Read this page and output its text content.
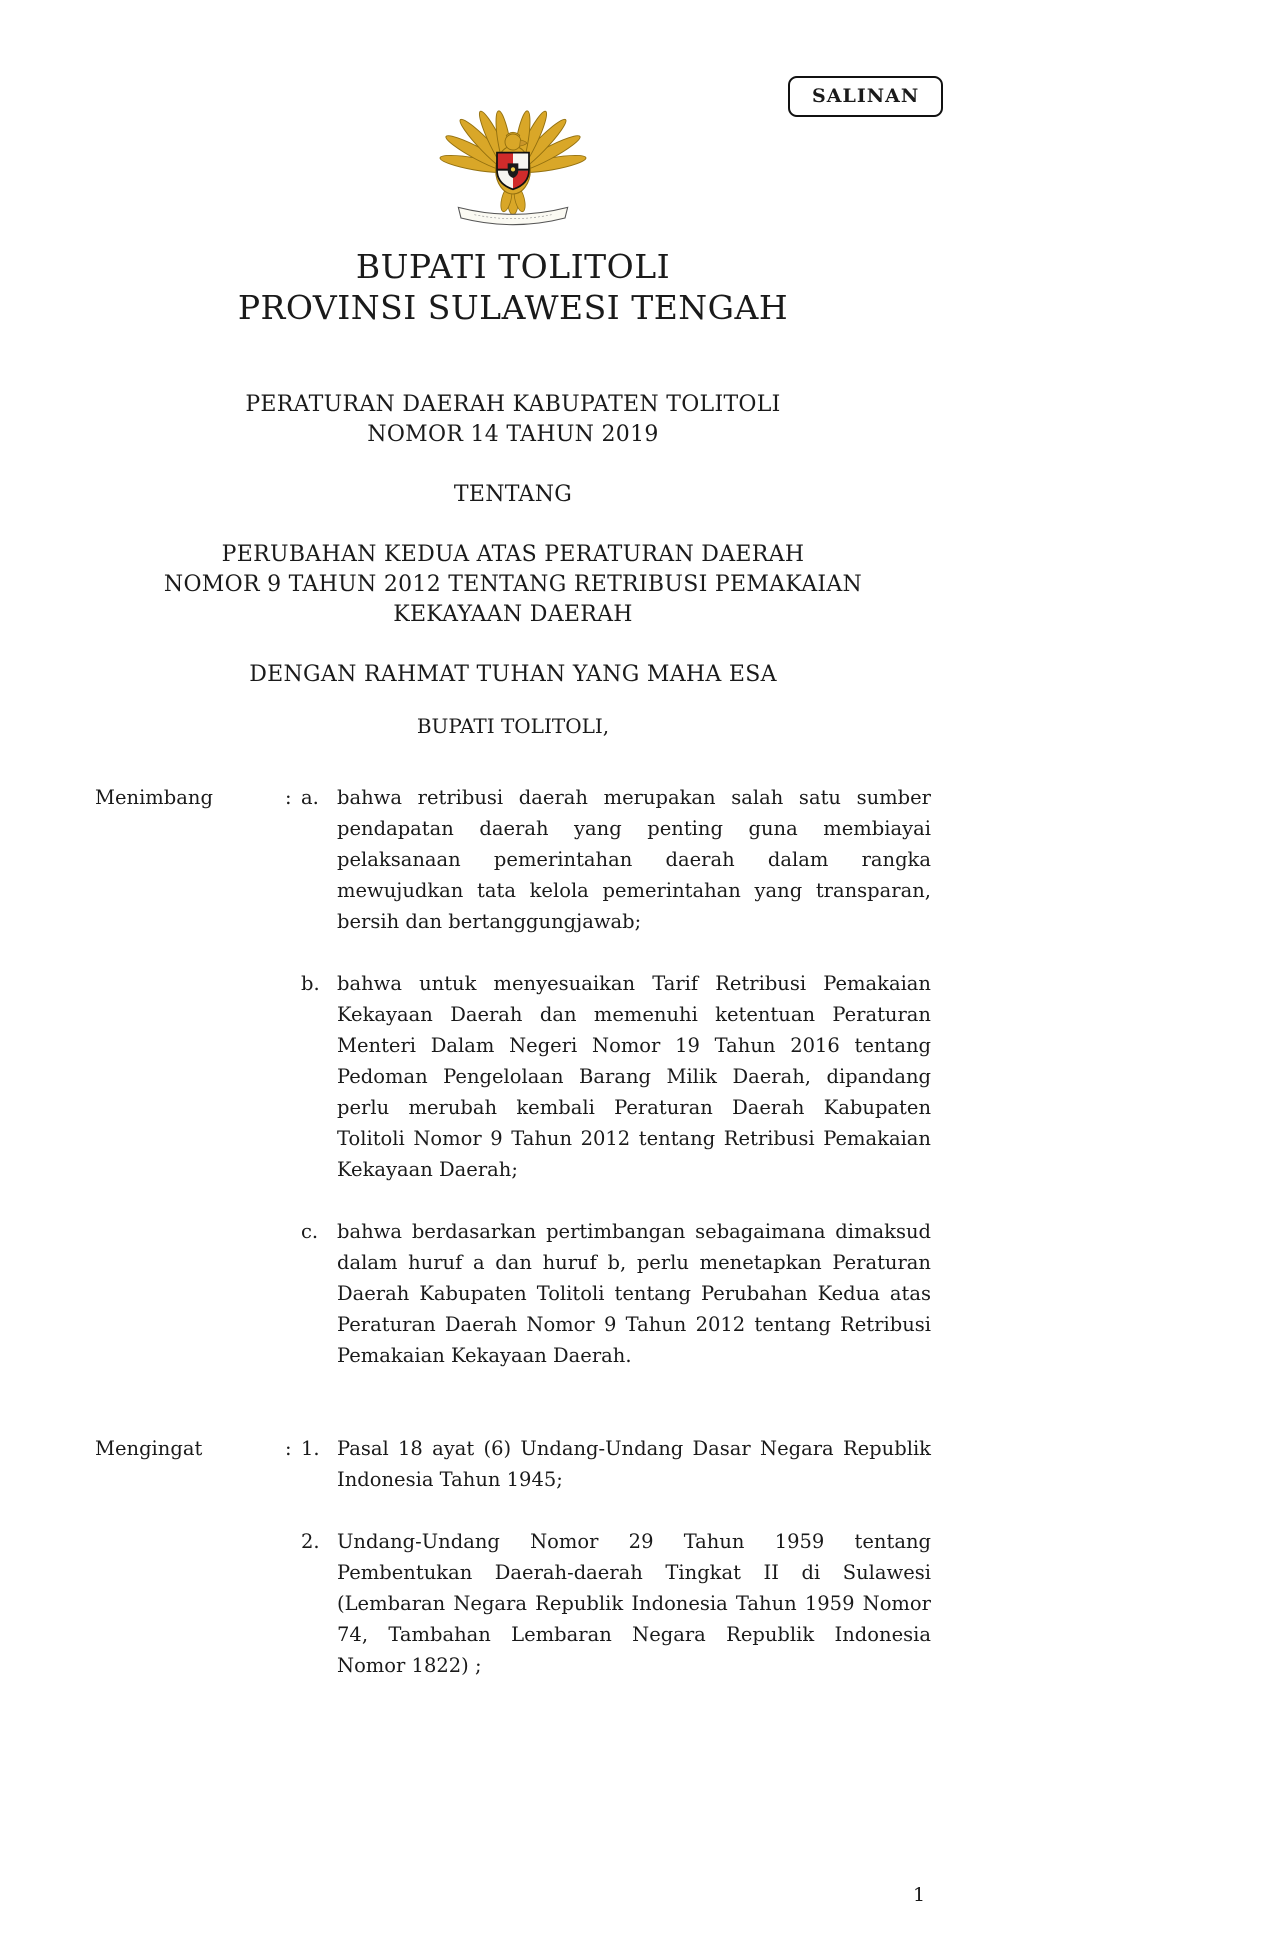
SALINAN
BUPATI TOLITOLI
PROVINSI SULAWESI TENGAH
PERATURAN DAERAH KABUPATEN TOLITOLI
NOMOR 14 TAHUN 2019
TENTANG
PERUBAHAN KEDUA ATAS PERATURAN DAERAH
NOMOR 9 TAHUN 2012 TENTANG RETRIBUSI PEMAKAIAN
KEKAYAAN DAERAH
DENGAN RAHMAT TUHAN YANG MAHA ESA
BUPATI TOLITOLI,
Menimbang	: a. bahwa retribusi daerah merupakan salah satu sumber pendapatan daerah yang penting guna membiayai pelaksanaan pemerintahan daerah dalam rangka mewujudkan tata kelola pemerintahan yang transparan, bersih dan bertanggungjawab;
b. bahwa untuk menyesuaikan Tarif Retribusi Pemakaian Kekayaan Daerah dan memenuhi ketentuan Peraturan Menteri Dalam Negeri Nomor 19 Tahun 2016 tentang Pedoman Pengelolaan Barang Milik Daerah, dipandang perlu merubah kembali Peraturan Daerah Kabupaten Tolitoli Nomor 9 Tahun 2012 tentang Retribusi Pemakaian Kekayaan Daerah;
c. bahwa berdasarkan pertimbangan sebagaimana dimaksud dalam huruf a dan huruf b, perlu menetapkan Peraturan Daerah Kabupaten Tolitoli tentang Perubahan Kedua atas Peraturan Daerah Nomor 9 Tahun 2012 tentang Retribusi Pemakaian Kekayaan Daerah.
Mengingat	: 1. Pasal 18 ayat (6) Undang-Undang Dasar Negara Republik Indonesia Tahun 1945;
2. Undang-Undang Nomor 29 Tahun 1959 tentang Pembentukan Daerah-daerah Tingkat II di Sulawesi (Lembaran Negara Republik Indonesia Tahun 1959 Nomor 74, Tambahan Lembaran Negara Republik Indonesia Nomor 1822) ;
1
